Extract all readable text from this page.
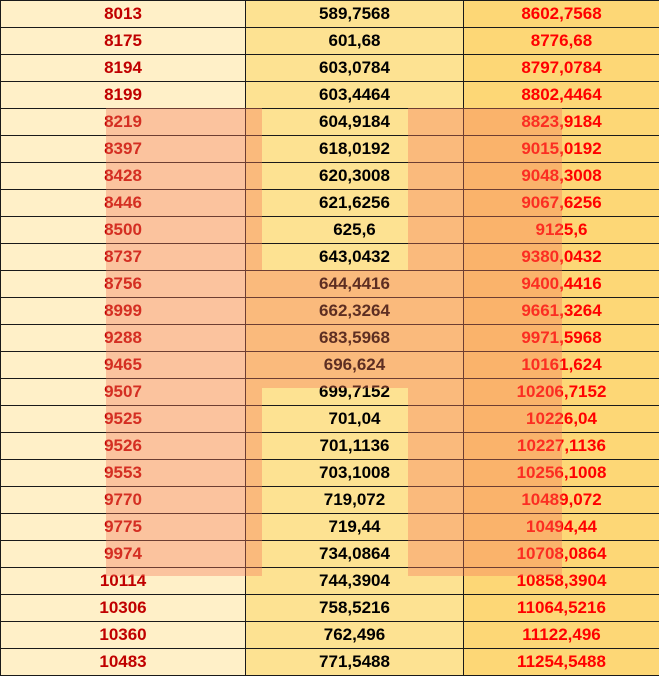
8013	589,7568	8602,7568
8175	601,68	8776,68
8194	603,0784	8797,0784
8199	603,4464	8802,4464
8219	604,9184	8823,9184
8397	618,0192	9015,0192
8428	620,3008	9048,3008
8446	621,6256	9067,6256
8500	625,6	9125,6
8737	643,0432	9380,0432
8756	644,4416	9400,4416
8999	662,3264	9661,3264
9288	683,5968	9971,5968
9465	696,624	10161,624
9507	699,7152	10206,7152
9525	701,04	10226,04
9526	701,1136	10227,1136
9553	703,1008	10256,1008
9770	719,072	10489,072
9775	719,44	10494,44
9974	734,0864	10708,0864
10114	744,3904	10858,3904
10306	758,5216	11064,5216
10360	762,496	11122,496
10483	771,5488	11254,5488
